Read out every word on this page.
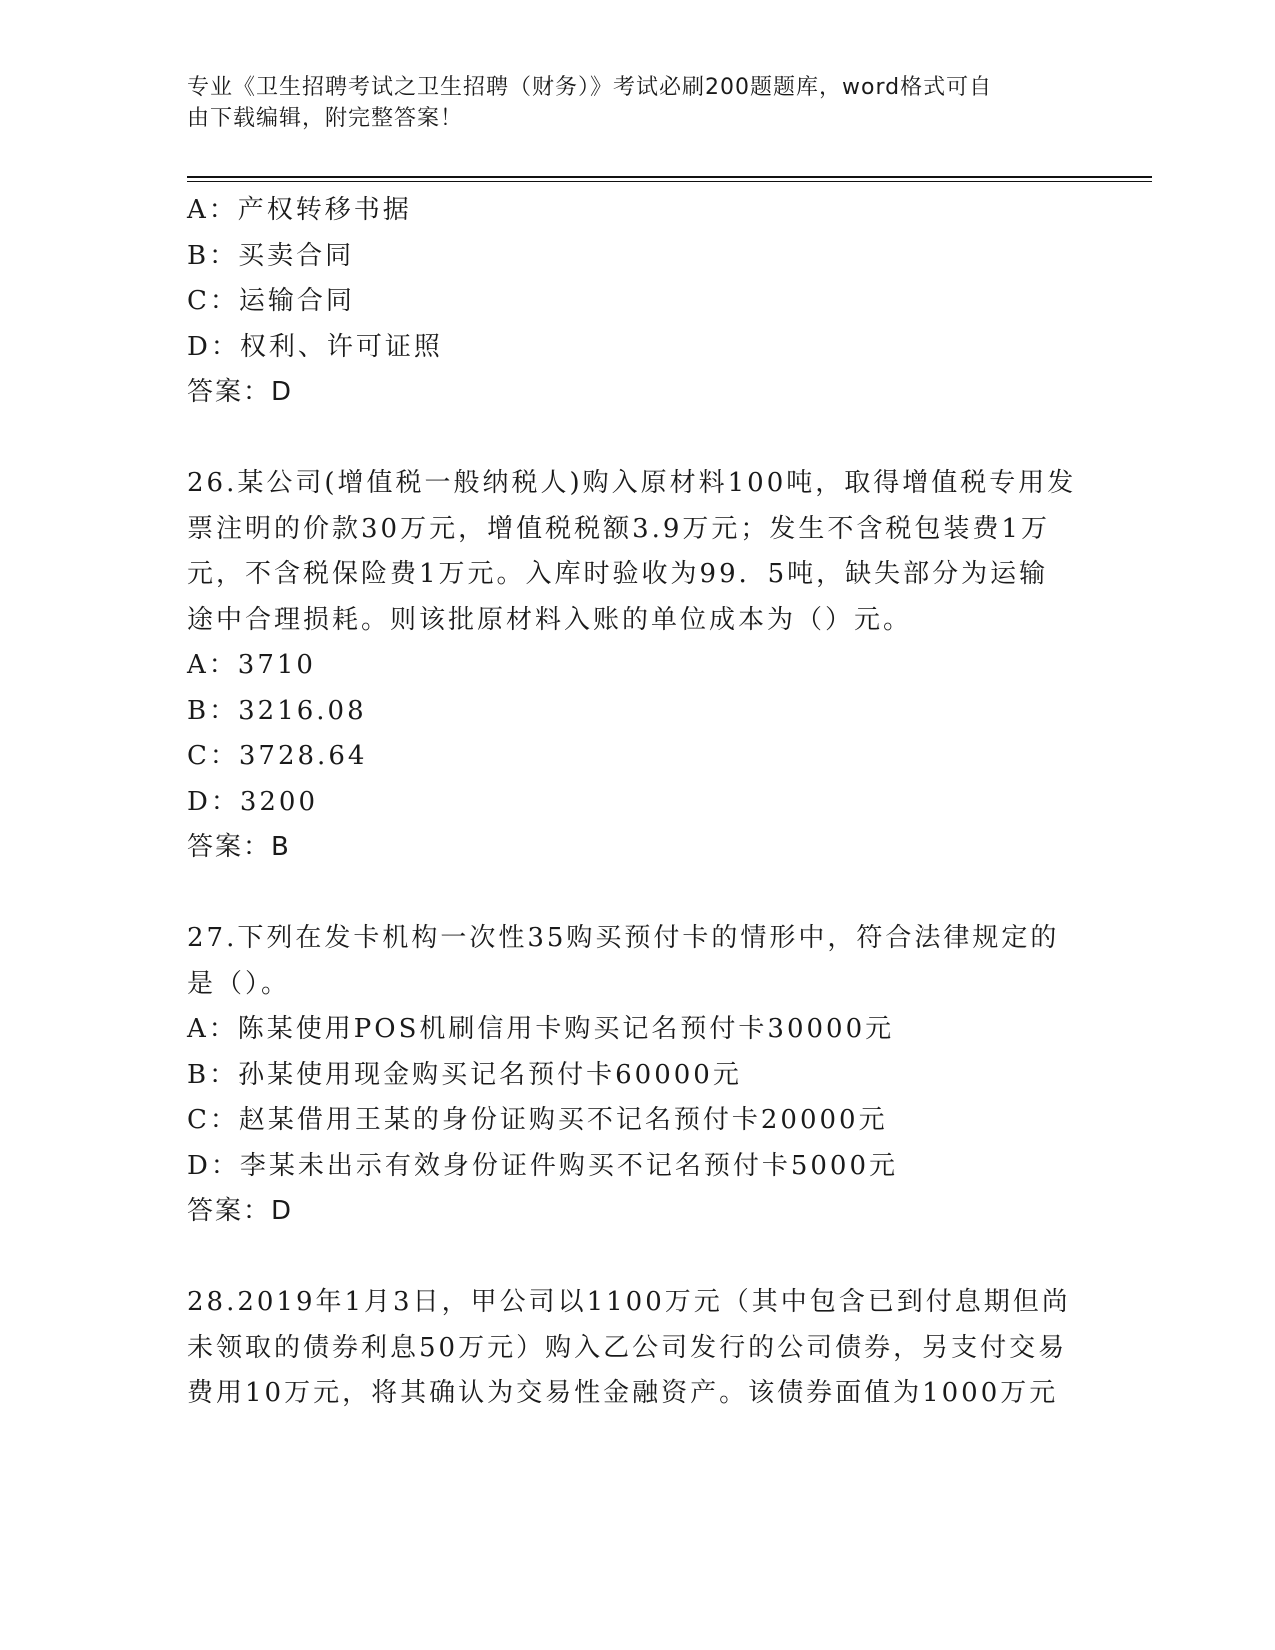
专业《卫生招聘考试之卫生招聘（财务）》考试必刷200题题库，word格式可自
由下载编辑，附完整答案！
A：产权转移书据
B：买卖合同
C：运输合同
D：权利、许可证照
答案：D
26.某公司(增值税一般纳税人)购入原材料100吨，取得增值税专用发
票注明的价款30万元，增值税税额3.9万元；发生不含税包装费1万
元，不含税保险费1万元。入库时验收为99．5吨，缺失部分为运输
途中合理损耗。则该批原材料入账的单位成本为（）元。
A：3710
B：3216.08
C：3728.64
D：3200
答案：B
27.下列在发卡机构一次性35购买预付卡的情形中，符合法律规定的
是（）。
A：陈某使用POS机刷信用卡购买记名预付卡30000元
B：孙某使用现金购买记名预付卡60000元
C：赵某借用王某的身份证购买不记名预付卡20000元
D：李某未出示有效身份证件购买不记名预付卡5000元
答案：D
28.2019年1月3日，甲公司以1100万元（其中包含已到付息期但尚
未领取的债券利息50万元）购入乙公司发行的公司债券，另支付交易
费用10万元，将其确认为交易性金融资产。该债券面值为1000万元
